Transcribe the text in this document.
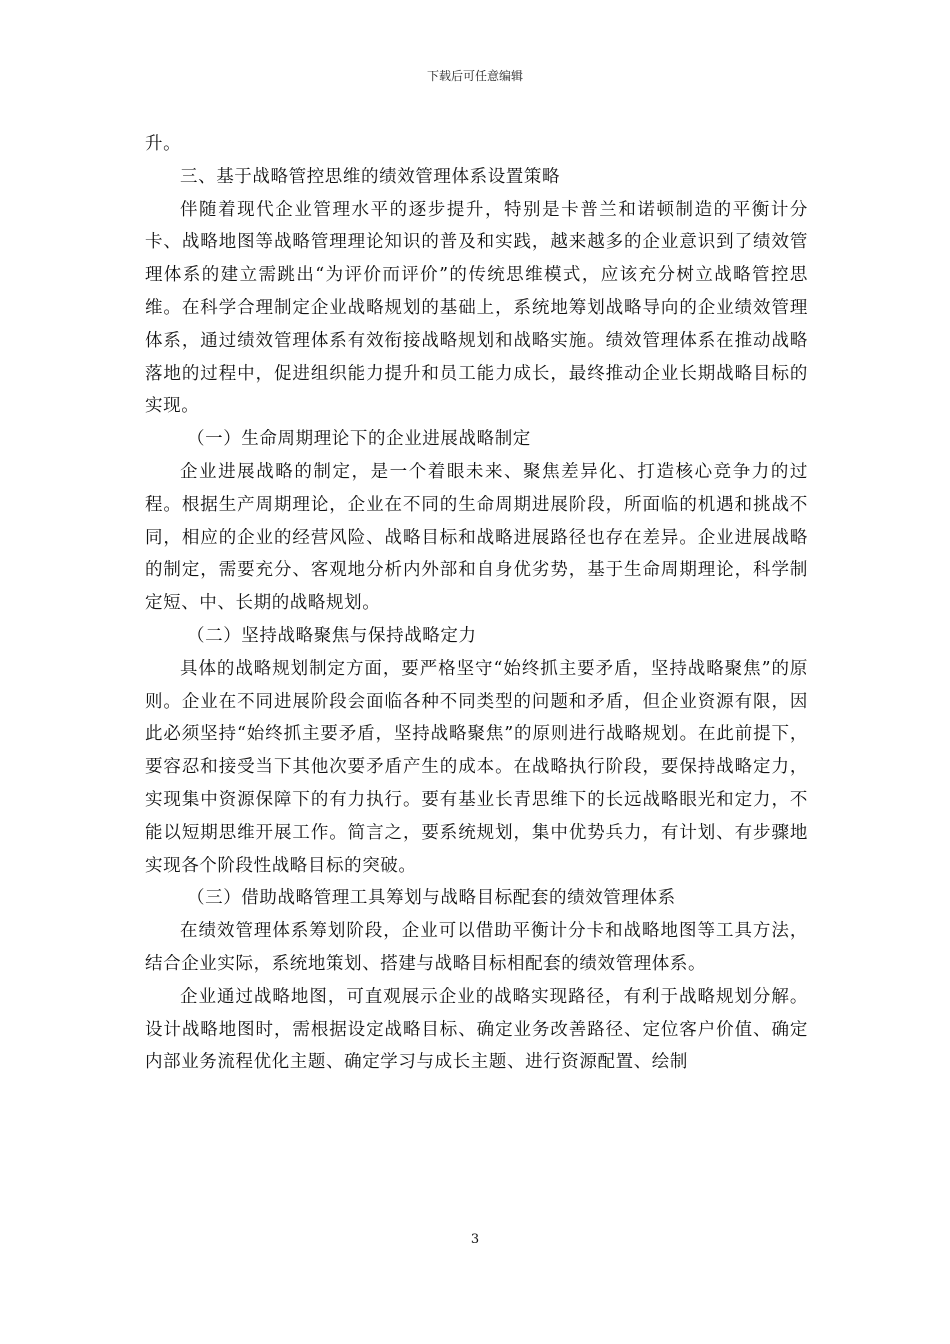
下载后可任意编辑

升。

三、基于战略管控思维的绩效管理体系设置策略

伴随着现代企业管理水平的逐步提升，特别是卡普兰和诺顿制造的平衡计分卡、战略地图等战略管理理论知识的普及和实践，越来越多的企业意识到了绩效管理体系的建立需跳出“为评价而评价”的传统思维模式，应该充分树立战略管控思维。在科学合理制定企业战略规划的基础上，系统地筹划战略导向的企业绩效管理体系，通过绩效管理体系有效衔接战略规划和战略实施。绩效管理体系在推动战略落地的过程中，促进组织能力提升和员工能力成长，最终推动企业长期战略目标的实现。

（一）生命周期理论下的企业进展战略制定

企业进展战略的制定，是一个着眼未来、聚焦差异化、打造核心竞争力的过程。根据生产周期理论，企业在不同的生命周期进展阶段，所面临的机遇和挑战不同，相应的企业的经营风险、战略目标和战略进展路径也存在差异。企业进展战略的制定，需要充分、客观地分析内外部和自身优劣势，基于生命周期理论，科学制定短、中、长期的战略规划。

（二）坚持战略聚焦与保持战略定力

具体的战略规划制定方面，要严格坚守“始终抓主要矛盾，坚持战略聚焦”的原则。企业在不同进展阶段会面临各种不同类型的问题和矛盾，但企业资源有限，因此必须坚持“始终抓主要矛盾，坚持战略聚焦”的原则进行战略规划。在此前提下，要容忍和接受当下其他次要矛盾产生的成本。在战略执行阶段，要保持战略定力，实现集中资源保障下的有力执行。要有基业长青思维下的长远战略眼光和定力，不能以短期思维开展工作。简言之，要系统规划，集中优势兵力，有计划、有步骤地实现各个阶段性战略目标的突破。

（三）借助战略管理工具筹划与战略目标配套的绩效管理体系

在绩效管理体系筹划阶段，企业可以借助平衡计分卡和战略地图等工具方法，结合企业实际，系统地策划、搭建与战略目标相配套的绩效管理体系。

企业通过战略地图，可直观展示企业的战略实现路径，有利于战略规划分解。设计战略地图时，需根据设定战略目标、确定业务改善路径、定位客户价值、确定内部业务流程优化主题、确定学习与成长主题、进行资源配置、绘制

3
